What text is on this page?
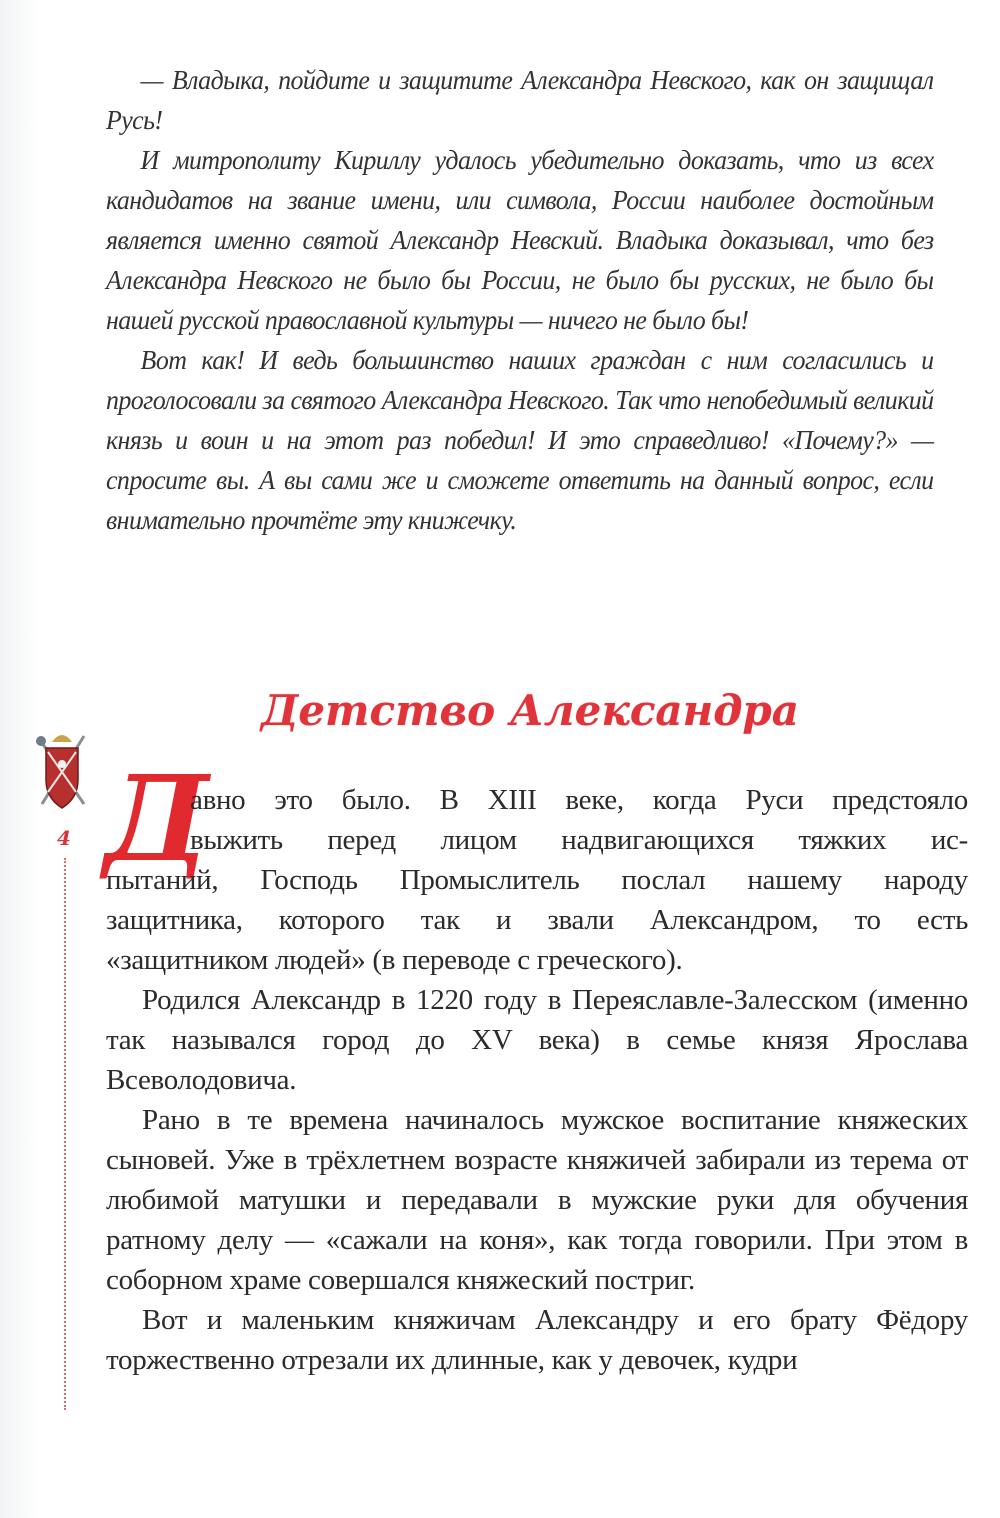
— Владыка, пойдите и защитите Александра Невского, как он защищал Русь!

И митрополиту Кириллу удалось убедительно доказать, что из всех кандидатов на звание имени, или символа, России наиболее достойным является именно святой Александр Невский. Владыка доказывал, что без Александра Невского не было бы России, не было бы русских, не было бы нашей русской православной культуры — ничего не было бы!

Вот как! И ведь большинство наших граждан с ним согласились и проголосовали за святого Александра Невского. Так что непобедимый великий князь и воин и на этот раз победил! И это справедливо! «Почему?» — спросите вы. А вы сами же и сможете ответить на данный вопрос, если внимательно прочтёте эту книжечку.

Детство Александра
4 Д
авно это было. В XIII веке, когда Руси предстояло
выжить перед лицом надвигающихся тяжких ис-
пытаний, Господь Промыслитель послал нашему народу
защитника, которого так и звали Александром, то есть
«защитником людей» (в переводе с греческого).

Родился Александр в 1220 году в Переяславле-Залесском (именно так назывался город до XV века) в семье князя Ярослава Всеволодовича.

Рано в те времена начиналось мужское воспитание княжеских сыновей. Уже в трёхлетнем возрасте княжичей забирали из терема от любимой матушки и передавали в мужские руки для обучения ратному делу — «сажали на коня», как тогда говорили. При этом в соборном храме совершался княжеский постриг.

Вот и маленьким княжичам Александру и его брату Фёдору торжественно отрезали их длинные, как у девочек, кудри
